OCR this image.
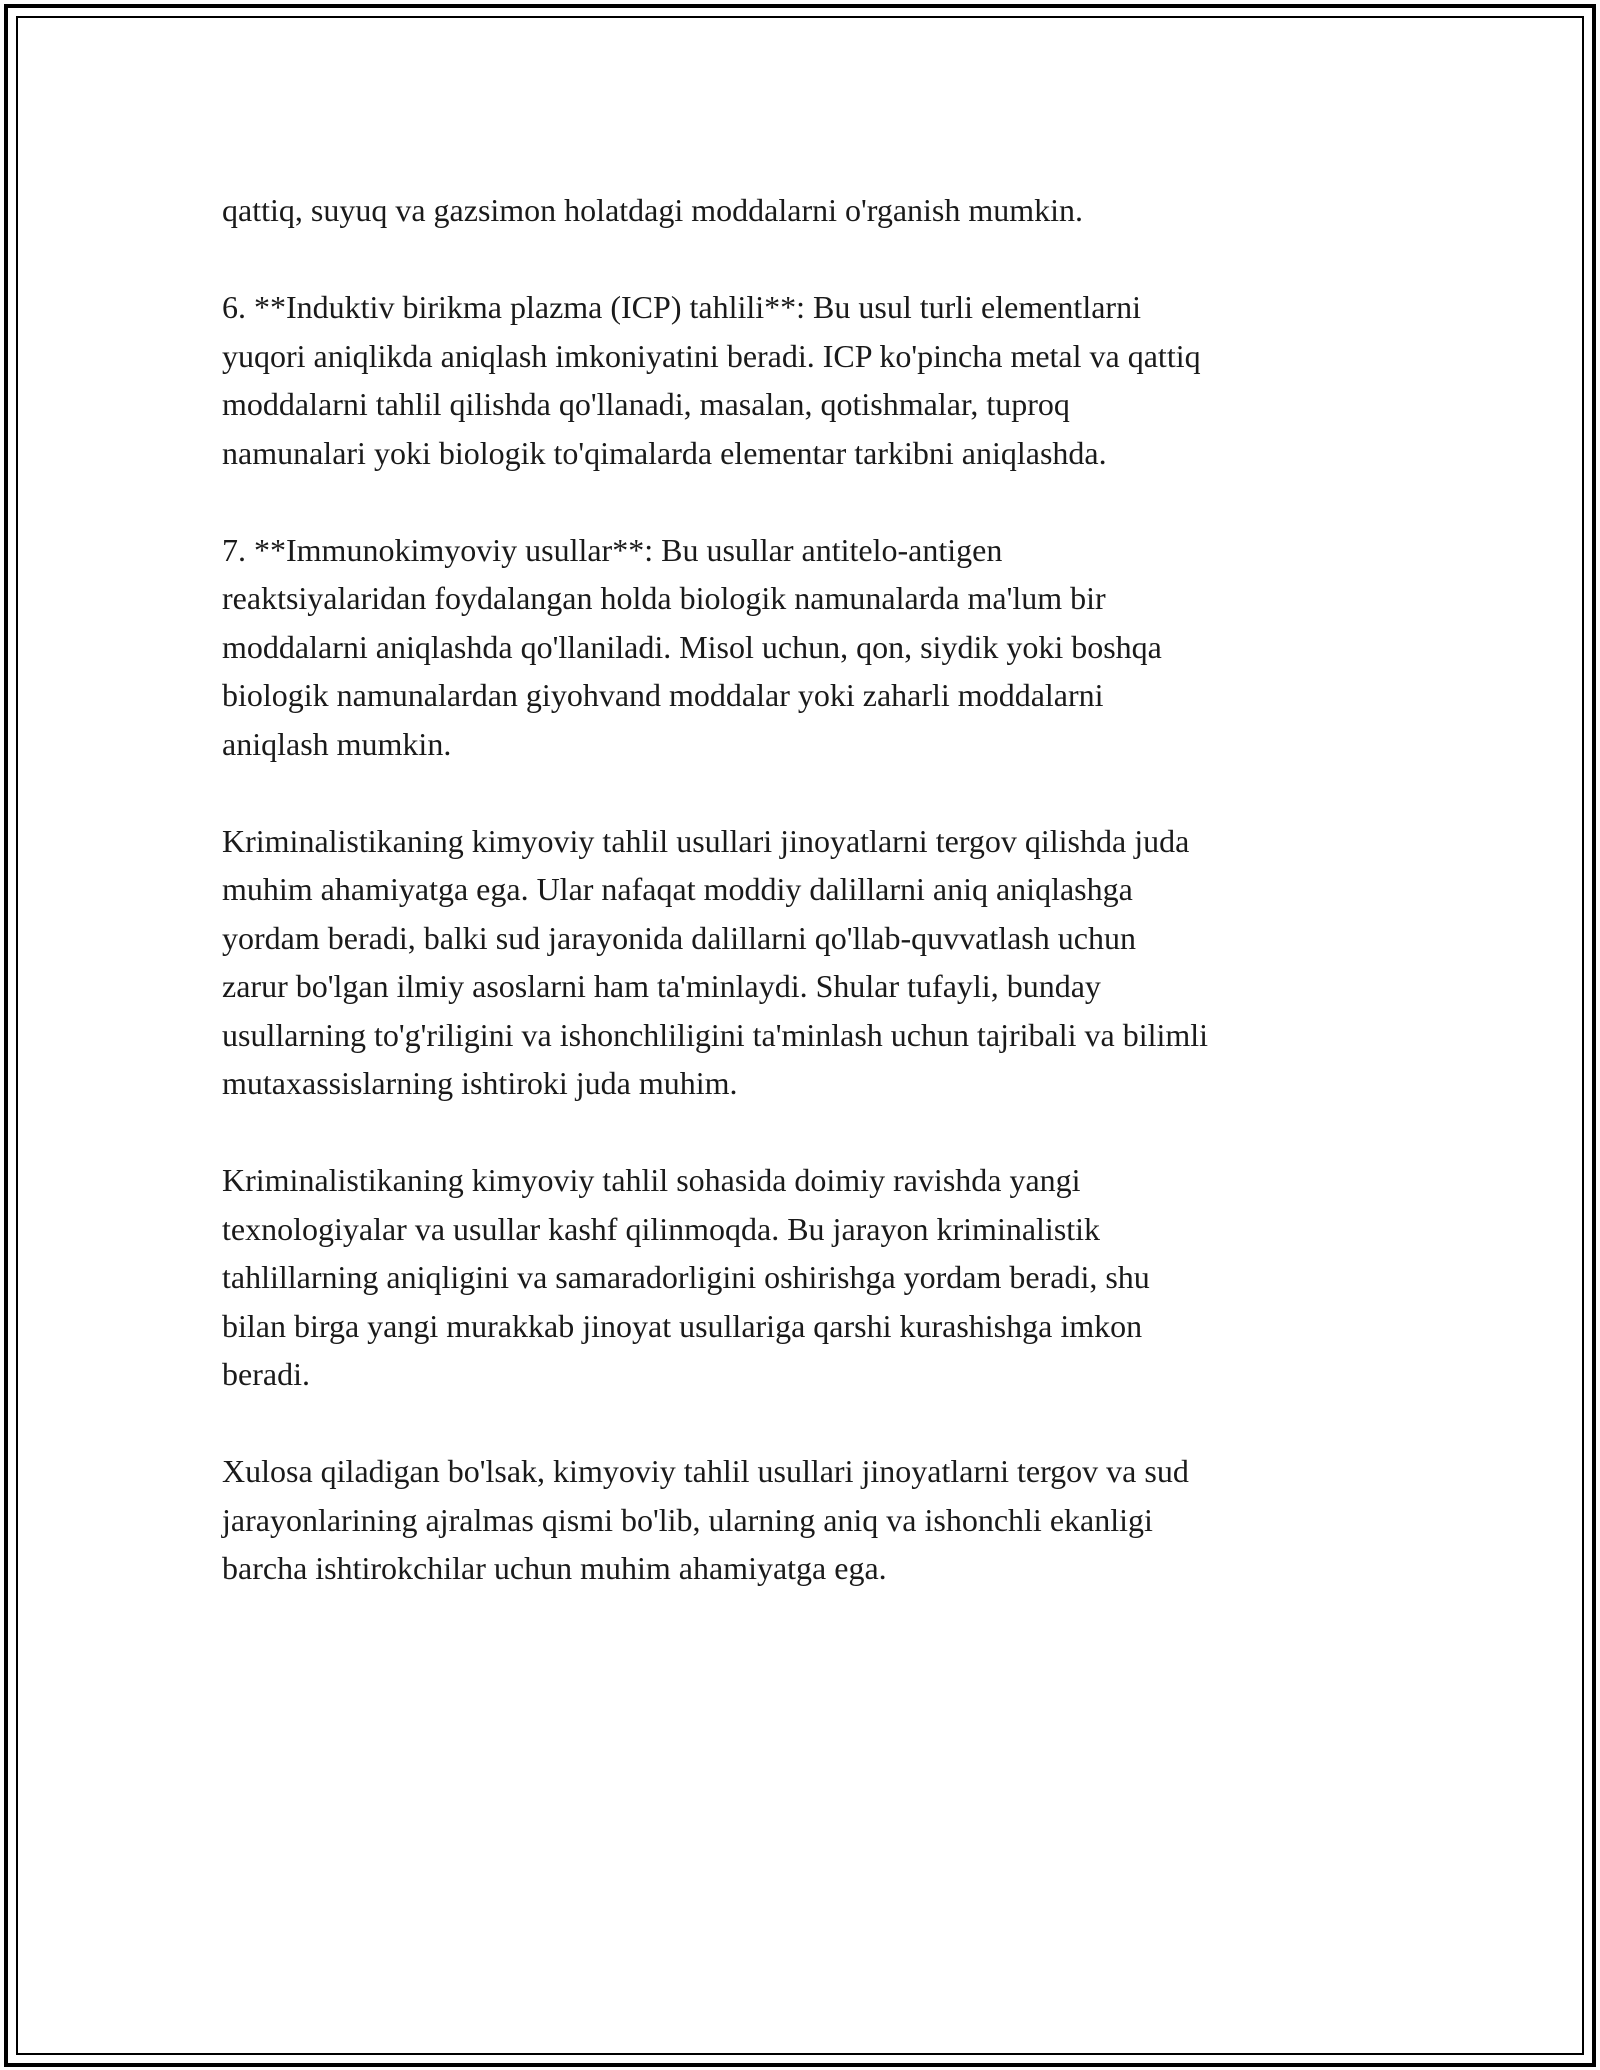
qattiq, suyuq va gazsimon holatdagi moddalarni o'rganish mumkin.

6. **Induktiv birikma plazma (ICP) tahlili**: Bu usul turli elementlarni
yuqori aniqlikda aniqlash imkoniyatini beradi. ICP ko'pincha metal va qattiq
moddalarni tahlil qilishda qo'llanadi, masalan, qotishmalar, tuproq
namunalari yoki biologik to'qimalarda elementar tarkibni aniqlashda.

7. **Immunokimyoviy usullar**: Bu usullar antitelo-antigen
reaktsiyalaridan foydalangan holda biologik namunalarda ma'lum bir
moddalarni aniqlashda qo'llaniladi. Misol uchun, qon, siydik yoki boshqa
biologik namunalardan giyohvand moddalar yoki zaharli moddalarni
aniqlash mumkin.

Kriminalistikaning kimyoviy tahlil usullari jinoyatlarni tergov qilishda juda
muhim ahamiyatga ega. Ular nafaqat moddiy dalillarni aniq aniqlashga
yordam beradi, balki sud jarayonida dalillarni qo'llab-quvvatlash uchun
zarur bo'lgan ilmiy asoslarni ham ta'minlaydi. Shular tufayli, bunday
usullarning to'g'riligini va ishonchliligini ta'minlash uchun tajribali va bilimli
mutaxassislarning ishtiroki juda muhim.

Kriminalistikaning kimyoviy tahlil sohasida doimiy ravishda yangi
texnologiyalar va usullar kashf qilinmoqda. Bu jarayon kriminalistik
tahlillarning aniqligini va samaradorligini oshirishga yordam beradi, shu
bilan birga yangi murakkab jinoyat usullariga qarshi kurashishga imkon
beradi.

Xulosa qiladigan bo'lsak, kimyoviy tahlil usullari jinoyatlarni tergov va sud
jarayonlarining ajralmas qismi bo'lib, ularning aniq va ishonchli ekanligi
barcha ishtirokchilar uchun muhim ahamiyatga ega.
